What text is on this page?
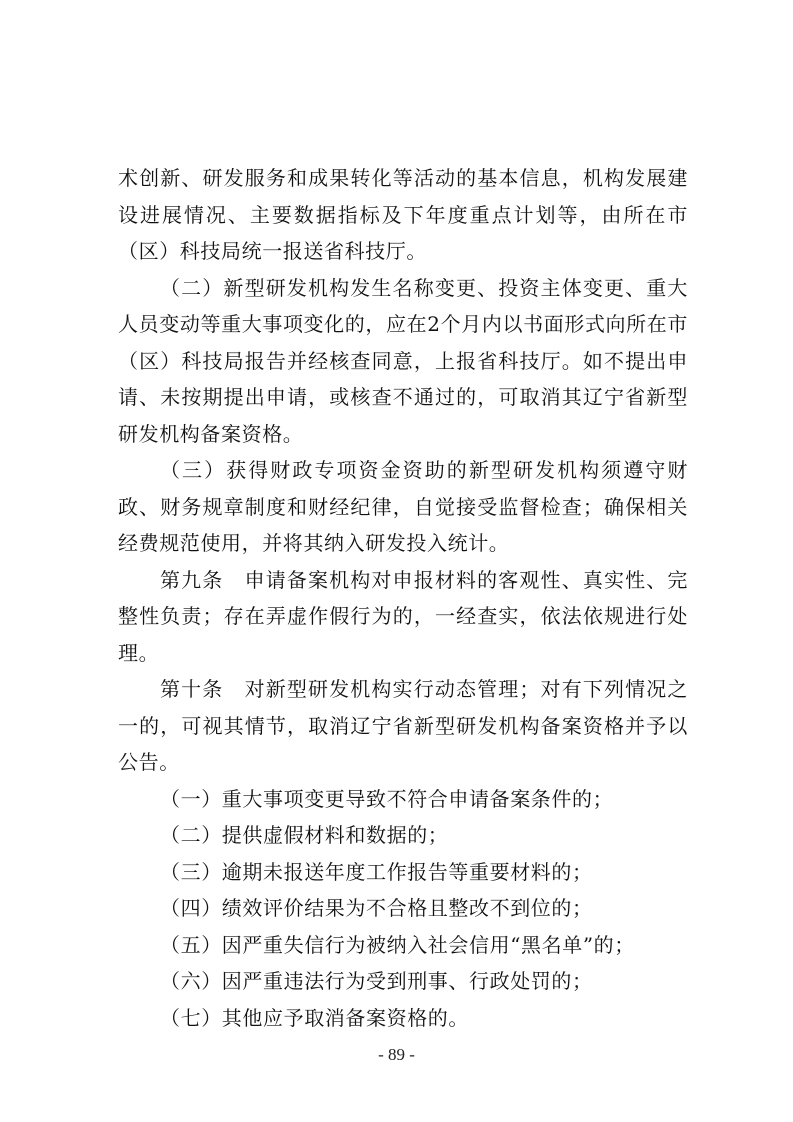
术创新、研发服务和成果转化等活动的基本信息，机构发展建设进展情况、主要数据指标及下年度重点计划等，由所在市（区）科技局统一报送省科技厅。

（二）新型研发机构发生名称变更、投资主体变更、重大人员变动等重大事项变化的，应在2个月内以书面形式向所在市（区）科技局报告并经核查同意，上报省科技厅。如不提出申请、未按期提出申请，或核查不通过的，可取消其辽宁省新型研发机构备案资格。

（三）获得财政专项资金资助的新型研发机构须遵守财政、财务规章制度和财经纪律，自觉接受监督检查；确保相关经费规范使用，并将其纳入研发投入统计。

第九条　申请备案机构对申报材料的客观性、真实性、完整性负责；存在弄虚作假行为的，一经查实，依法依规进行处理。

第十条　对新型研发机构实行动态管理；对有下列情况之一的，可视其情节，取消辽宁省新型研发机构备案资格并予以公告。

（一）重大事项变更导致不符合申请备案条件的；

（二）提供虚假材料和数据的；

（三）逾期未报送年度工作报告等重要材料的；

（四）绩效评价结果为不合格且整改不到位的；

（五）因严重失信行为被纳入社会信用“黑名单”的；

（六）因严重违法行为受到刑事、行政处罚的；

（七）其他应予取消备案资格的。

- 89 -
